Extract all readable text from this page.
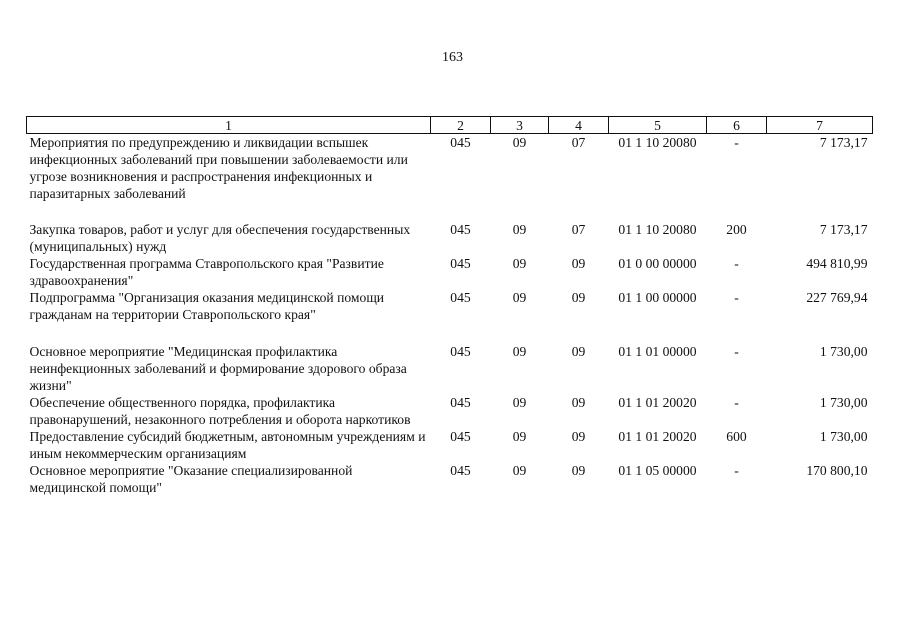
163
1	2	3	4	5	6	7
Мероприятия по предупреждению и ликвидации вспышек инфекционных заболеваний при повышении заболеваемости или угрозе возникновения и распространения инфекционных и паразитарных заболеваний	045	09	07	01 1 10 20080	-	7 173,17
Закупка товаров, работ и услуг для обеспечения государственных (муниципальных) нужд	045	09	07	01 1 10 20080	200	7 173,17
Государственная программа Ставропольского края "Развитие здравоохранения"	045	09	09	01 0 00 00000	-	494 810,99
Подпрограмма "Организация оказания медицинской помощи гражданам на территории Ставропольского края"	045	09	09	01 1 00 00000	-	227 769,94
Основное мероприятие "Медицинская профилактика неинфекционных заболеваний и формирование здорового образа жизни"	045	09	09	01 1 01 00000	-	1 730,00
Обеспечение общественного порядка, профилактика правонарушений, незаконного потребления и оборота наркотиков	045	09	09	01 1 01 20020	-	1 730,00
Предоставление субсидий бюджетным, автономным учреждениям и иным некоммерческим организациям	045	09	09	01 1 01 20020	600	1 730,00
Основное мероприятие "Оказание специализированной медицинской помощи"	045	09	09	01 1 05 00000	-	170 800,10
